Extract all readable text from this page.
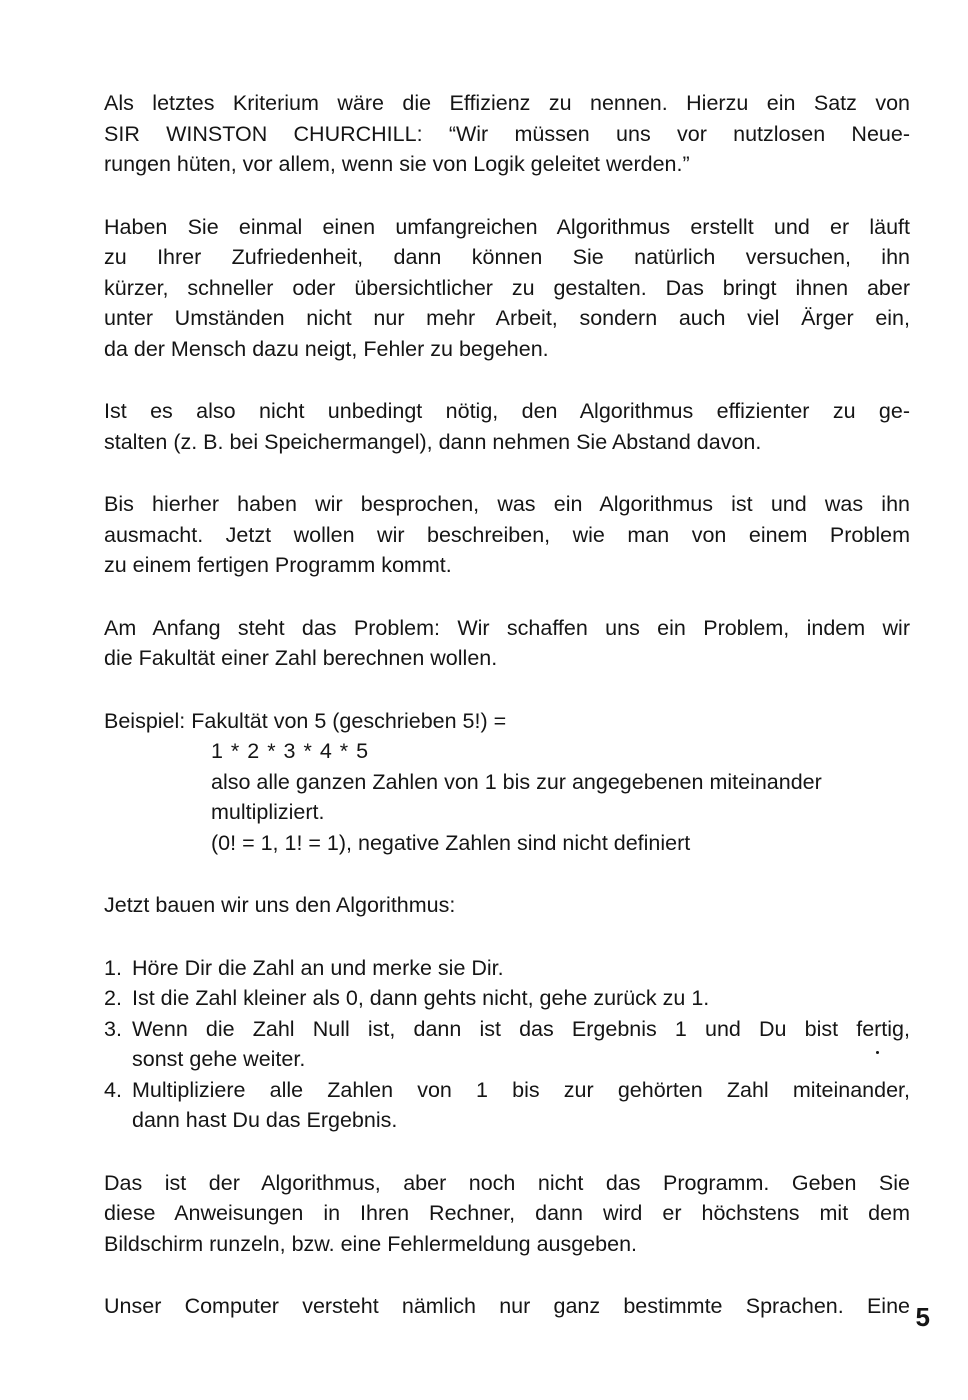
Als letztes Kriterium wäre die Effizienz zu nennen. Hierzu ein Satz von
SIR WINSTON CHURCHILL: “Wir müssen uns vor nutzlosen Neue-
rungen hüten, vor allem, wenn sie von Logik geleitet werden.”

Haben Sie einmal einen umfangreichen Algorithmus erstellt und er läuft
zu Ihrer Zufriedenheit, dann können Sie natürlich versuchen, ihn
kürzer, schneller oder übersichtlicher zu gestalten. Das bringt ihnen aber
unter Umständen nicht nur mehr Arbeit, sondern auch viel Ärger ein,
da der Mensch dazu neigt, Fehler zu begehen.

Ist es also nicht unbedingt nötig, den Algorithmus effizienter zu ge-
stalten (z. B. bei Speichermangel), dann nehmen Sie Abstand davon.

Bis hierher haben wir besprochen, was ein Algorithmus ist und was ihn
ausmacht. Jetzt wollen wir beschreiben, wie man von einem Problem
zu einem fertigen Programm kommt.

Am Anfang steht das Problem: Wir schaffen uns ein Problem, indem wir
die Fakultät einer Zahl berechnen wollen.

Beispiel: Fakultät von 5 (geschrieben 5!) =
1 * 2 * 3 * 4 * 5
also alle ganzen Zahlen von 1 bis zur angegebenen miteinander
multipliziert.
(0! = 1, 1! = 1), negative Zahlen sind nicht definiert

Jetzt bauen wir uns den Algorithmus:

1. Höre Dir die Zahl an und merke sie Dir.
2. Ist die Zahl kleiner als 0, dann gehts nicht, gehe zurück zu 1.
3. Wenn die Zahl Null ist, dann ist das Ergebnis 1 und Du bist fertig,
sonst gehe weiter.
4. Multipliziere alle Zahlen von 1 bis zur gehörten Zahl miteinander,
dann hast Du das Ergebnis.

Das ist der Algorithmus, aber noch nicht das Programm. Geben Sie
diese Anweisungen in Ihren Rechner, dann wird er höchstens mit dem
Bildschirm runzeln, bzw. eine Fehlermeldung ausgeben.

Unser Computer versteht nämlich nur ganz bestimmte Sprachen. Eine 5
